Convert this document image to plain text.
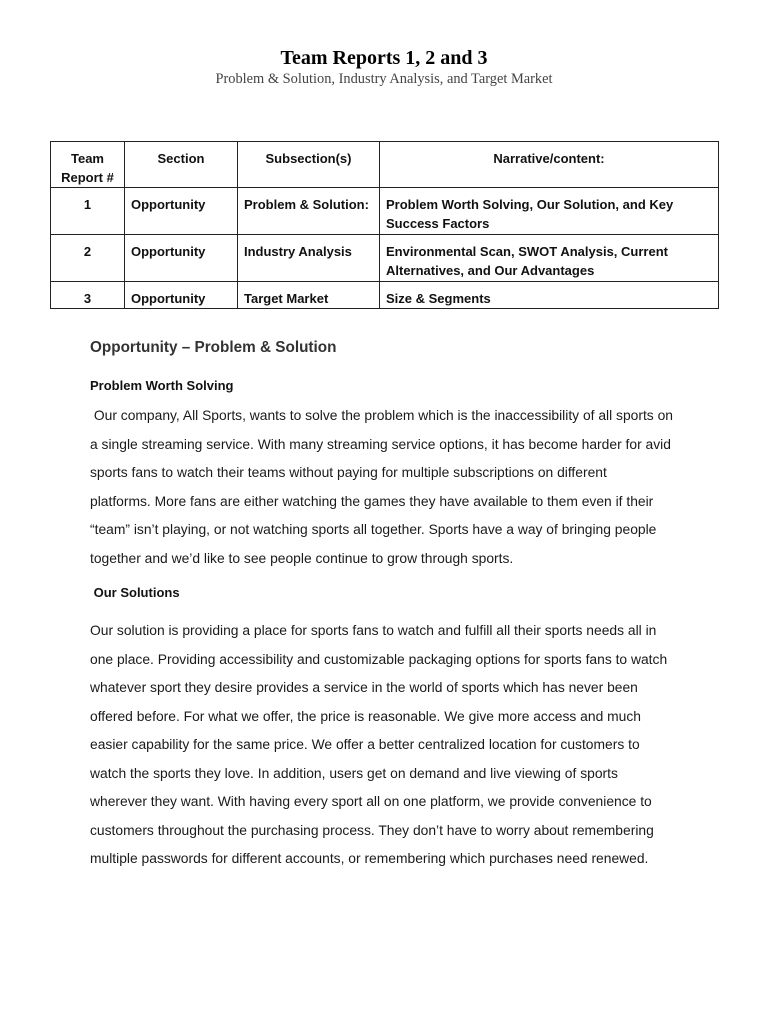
Team Reports 1, 2 and 3

Problem & Solution, Industry Analysis, and Target Market

Team Report #	Section	Subsection(s)	Narrative/content:
1	Opportunity	Problem & Solution:	Problem Worth Solving, Our Solution, and Key Success Factors
2	Opportunity	Industry Analysis	Environmental Scan, SWOT Analysis, Current Alternatives, and Our Advantages
3	Opportunity	Target Market	Size & Segments
Opportunity – Problem & Solution
Problem Worth Solving
Our company, All Sports, wants to solve the problem which is the inaccessibility of all sports on
a single streaming service. With many streaming service options, it has become harder for avid
sports fans to watch their teams without paying for multiple subscriptions on different
platforms. More fans are either watching the games they have available to them even if their
“team” isn’t playing, or not watching sports all together. Sports have a way of bringing people
together and we’d like to see people continue to grow through sports.
Our Solutions
Our solution is providing a place for sports fans to watch and fulfill all their sports needs all in
one place. Providing accessibility and customizable packaging options for sports fans to watch
whatever sport they desire provides a service in the world of sports which has never been
offered before. For what we offer, the price is reasonable. We give more access and much
easier capability for the same price. We offer a better centralized location for customers to
watch the sports they love. In addition, users get on demand and live viewing of sports
wherever they want. With having every sport all on one platform, we provide convenience to
customers throughout the purchasing process. They don’t have to worry about remembering
multiple passwords for different accounts, or remembering which purchases need renewed.
